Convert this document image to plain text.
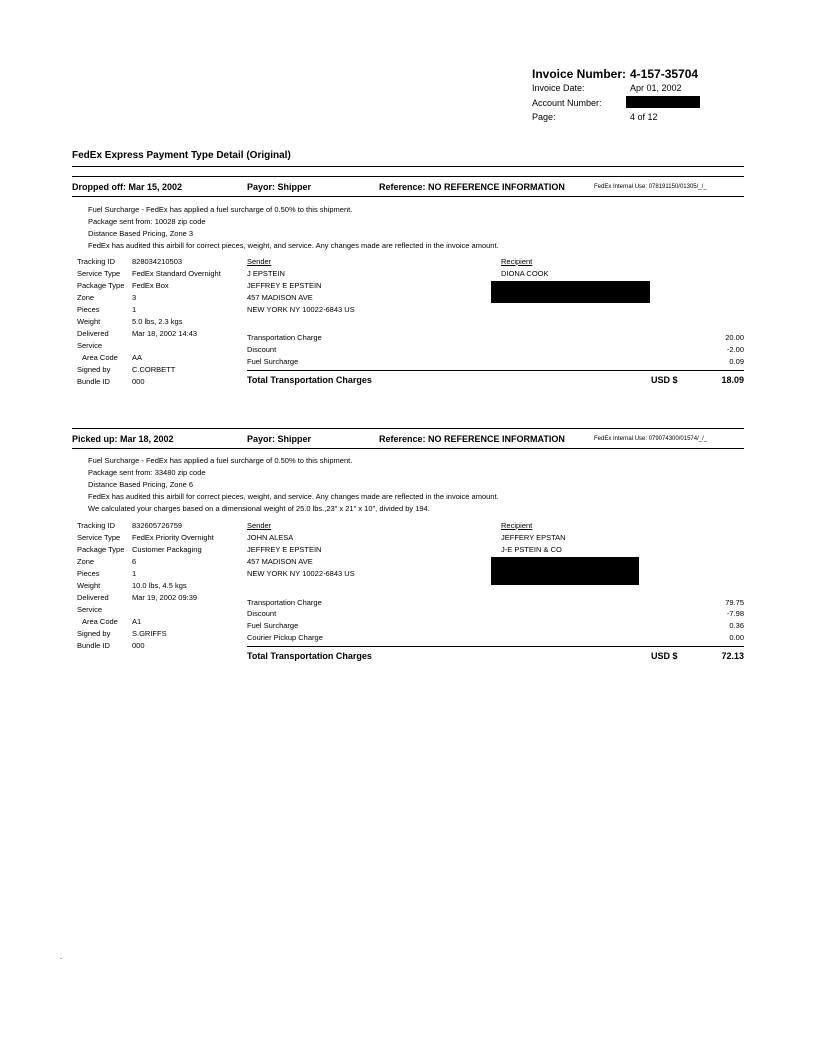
Invoice Number: 4-157-35704
Invoice Date:	Apr 01, 2002
Account Number:
Page:	4 of 12
FedEx Express Payment Type Detail (Original)
Dropped off: Mar 15, 2002	Payor: Shipper	Reference: NO REFERENCE INFORMATION	FedEx Internal Use: 078191150/01305/_/_
Fuel Surcharge - FedEx has applied a fuel surcharge of 0.50% to this shipment.
Package sent from: 10028 zip code
Distance Based Pricing, Zone 3
FedEx has audited this airbill for correct pieces, weight, and service. Any changes made are reflected in the invoice amount.
Tracking ID 828034210503
Service Type FedEx Standard Overnight
Package Type FedEx Box
Zone	3
Pieces	1
Weight	5.0 lbs, 2.3 kgs
Delivered	Mar 18, 2002 14:43
Service
Area Code AA
Signed by	C.CORBETT
Bundle ID	000
Sender
J EPSTEIN
JEFFREY E EPSTEIN
457 MADISON AVE
NEW YORK NY 10022-6843 US
Recipient
DIONA COOK
Transportation Charge	20.00
Discount	-2.00
Fuel Surcharge	0.09
Total Transportation Charges	USD $	18.09
Picked up: Mar 18, 2002	Payor: Shipper	Reference: NO REFERENCE INFORMATION	FedEx Internal Use: 079074300/01574/_/_
Fuel Surcharge - FedEx has applied a fuel surcharge of 0.50% to this shipment.
Package sent from: 33480 zip code
Distance Based Pricing, Zone 6
FedEx has audited this airbill for correct pieces, weight, and service. Any changes made are reflected in the invoice amount.
We calculated your charges based on a dimensional weight of 25.0 lbs.,23" x 21" x 10", divided by 194.
Tracking ID 832605726759
Service Type FedEx Priority Overnight
Package Type Customer Packaging
Zone	6
Pieces	1
Weight	10.0 lbs, 4.5 kgs
Delivered	Mar 19, 2002 09:39
Service
Area Code A1
Signed by	S.GRIFFS
Bundle ID	000
Sender
JOHN ALESA
JEFFREY E EPSTEIN
457 MADISON AVE
NEW YORK NY 10022-6843 US
Recipient
JEFFERY EPSTAN
J-E PSTEIN & CO
Transportation Charge	79.75
Discount	-7.98
Fuel Surcharge	0.36
Courier Pickup Charge	0.00
Total Transportation Charges	USD $	72.13
.
